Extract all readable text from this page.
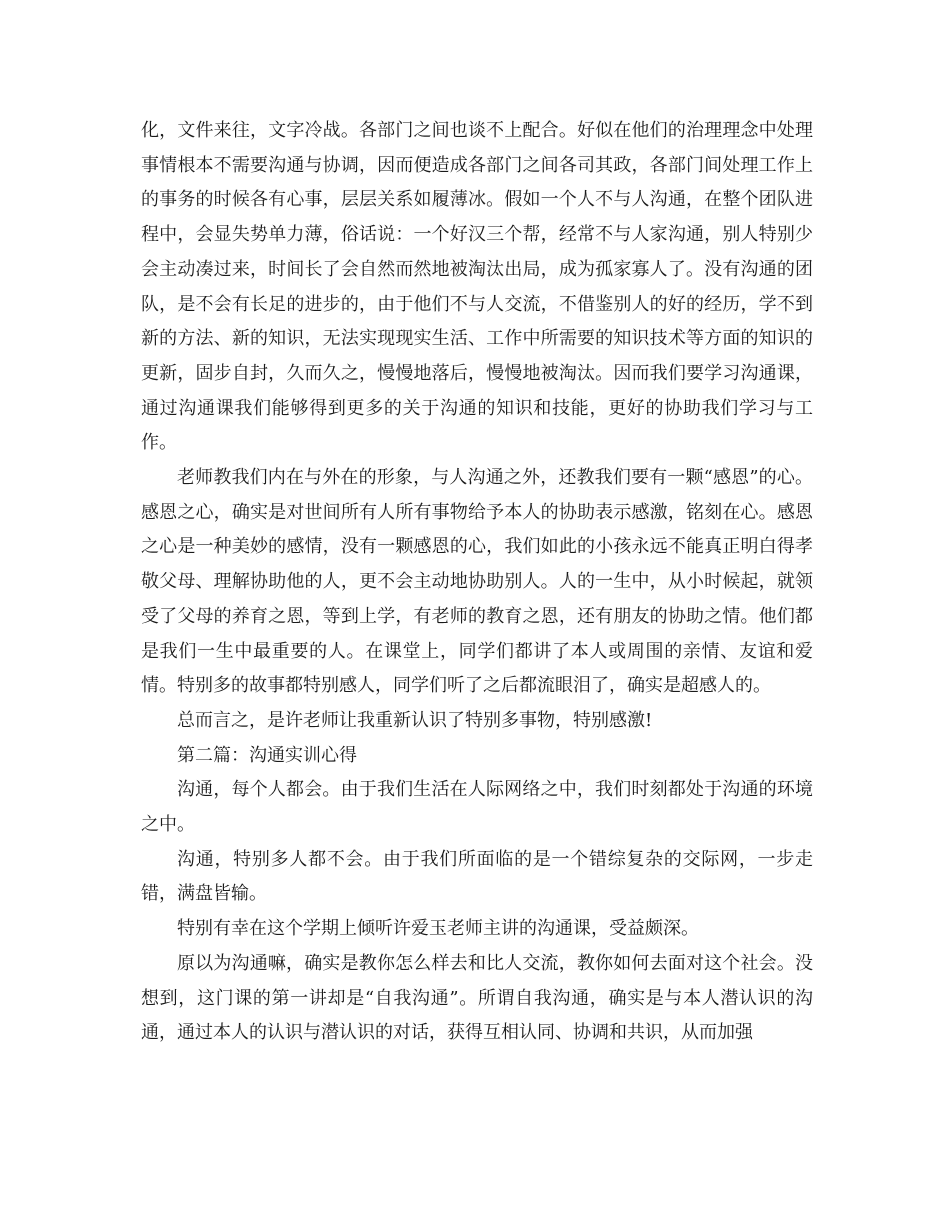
化，文件来往，文字冷战。各部门之间也谈不上配合。好似在他们的治理理念中处理事情根本不需要沟通与协调，因而便造成各部门之间各司其政，各部门间处理工作上的事务的时候各有心事，层层关系如履薄冰。假如一个人不与人沟通，在整个团队进程中，会显失势单力薄，俗话说：一个好汉三个帮，经常不与人家沟通，别人特别少会主动凑过来，时间长了会自然而然地被淘汰出局，成为孤家寡人了。没有沟通的团队，是不会有长足的进步的，由于他们不与人交流，不借鉴别人的好的经历，学不到新的方法、新的知识，无法实现现实生活、工作中所需要的知识技术等方面的知识的更新，固步自封，久而久之，慢慢地落后，慢慢地被淘汰。因而我们要学习沟通课，通过沟通课我们能够得到更多的关于沟通的知识和技能，更好的协助我们学习与工作。

老师教我们内在与外在的形象，与人沟通之外，还教我们要有一颗“感恩”的心。感恩之心，确实是对世间所有人所有事物给予本人的协助表示感激，铭刻在心。感恩之心是一种美妙的感情，没有一颗感恩的心，我们如此的小孩永远不能真正明白得孝敬父母、理解协助他的人，更不会主动地协助别人。人的一生中，从小时候起，就领受了父母的养育之恩，等到上学，有老师的教育之恩，还有朋友的协助之情。他们都是我们一生中最重要的人。在课堂上，同学们都讲了本人或周围的亲情、友谊和爱情。特别多的故事都特别感人，同学们听了之后都流眼泪了，确实是超感人的。

总而言之，是许老师让我重新认识了特别多事物，特别感激!

第二篇：沟通实训心得

沟通，每个人都会。由于我们生活在人际网络之中，我们时刻都处于沟通的环境之中。

沟通，特别多人都不会。由于我们所面临的是一个错综复杂的交际网，一步走错，满盘皆输。

特别有幸在这个学期上倾听许爱玉老师主讲的沟通课，受益颇深。

原以为沟通嘛，确实是教你怎么样去和比人交流，教你如何去面对这个社会。没想到，这门课的第一讲却是“自我沟通”。所谓自我沟通，确实是与本人潜认识的沟通，通过本人的认识与潜认识的对话，获得互相认同、协调和共识，从而加强
